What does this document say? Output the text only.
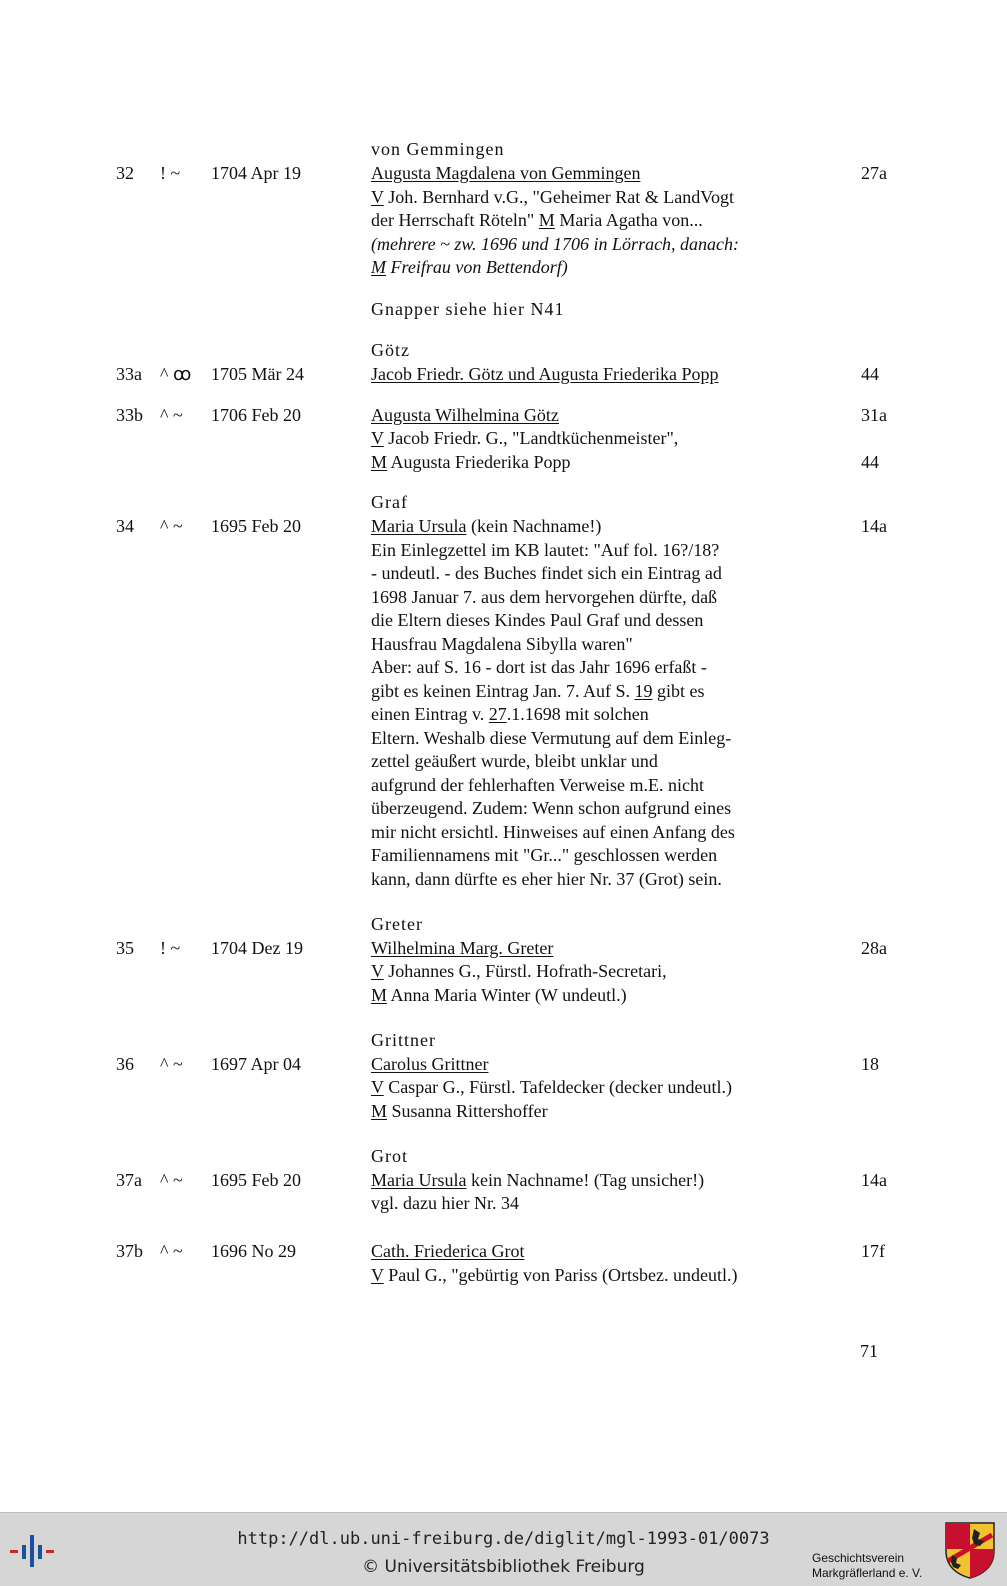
von Gemmingen
32 ! ~ 1704 Apr 19	Augusta Magdalena von Gemmingen	27a
V Joh. Bernhard v.G., "Geheimer Rat & LandVogt
der Herrschaft Röteln" M Maria Agatha von...
(mehrere ~ zw. 1696 und 1706 in Lörrach, danach:
M Freifrau von Bettendorf)
Gnapper siehe hier N41
Götz
33a ^ ꝏ 1705 Mär 24	Jacob Friedr. Götz und Augusta Friederika Popp	44
33b ^ ~ 1706 Feb 20	Augusta Wilhelmina Götz	31a
V Jacob Friedr. G., "Landtküchenmeister",
M Augusta Friederika Popp	44
Graf
34 ^ ~ 1695 Feb 20	Maria Ursula (kein Nachname!)	14a
Ein Einlegzettel im KB lautet: "Auf fol. 16?/18?
- undeutl. - des Buches findet sich ein Eintrag ad
1698 Januar 7. aus dem hervorgehen dürfte, daß
die Eltern dieses Kindes Paul Graf und dessen
Hausfrau Magdalena Sibylla waren"
Aber: auf S. 16 - dort ist das Jahr 1696 erfaßt -
gibt es keinen Eintrag Jan. 7. Auf S. 19 gibt es
einen Eintrag v. 27.1.1698 mit solchen
Eltern. Weshalb diese Vermutung auf dem Einleg-
zettel geäußert wurde, bleibt unklar und
aufgrund der fehlerhaften Verweise m.E. nicht
überzeugend. Zudem: Wenn schon aufgrund eines
mir nicht ersichtl. Hinweises auf einen Anfang des
Familiennamens mit "Gr..." geschlossen werden
kann, dann dürfte es eher hier Nr. 37 (Grot) sein.
Greter
35 ! ~ 1704 Dez 19	Wilhelmina Marg. Greter	28a
V Johannes G., Fürstl. Hofrath-Secretari,
M Anna Maria Winter (W undeutl.)
Grittner
36 ^ ~ 1697 Apr 04	Carolus Grittner	18
V Caspar G., Fürstl. Tafeldecker (decker undeutl.)
M Susanna Rittershoffer
Grot
37a ^ ~ 1695 Feb 20	Maria Ursula kein Nachname! (Tag unsicher!)	14a
vgl. dazu hier Nr. 34
37b ^ ~ 1696 No 29	Cath. Friederica Grot	17f
V Paul G., "gebürtig von Pariss (Ortsbez. undeutl.)
71
http://dl.ub.uni-freiburg.de/diglit/mgl-1993-01/0073
© Universitätsbibliothek Freiburg	Geschichtsverein
Markgräflerland e. V.
